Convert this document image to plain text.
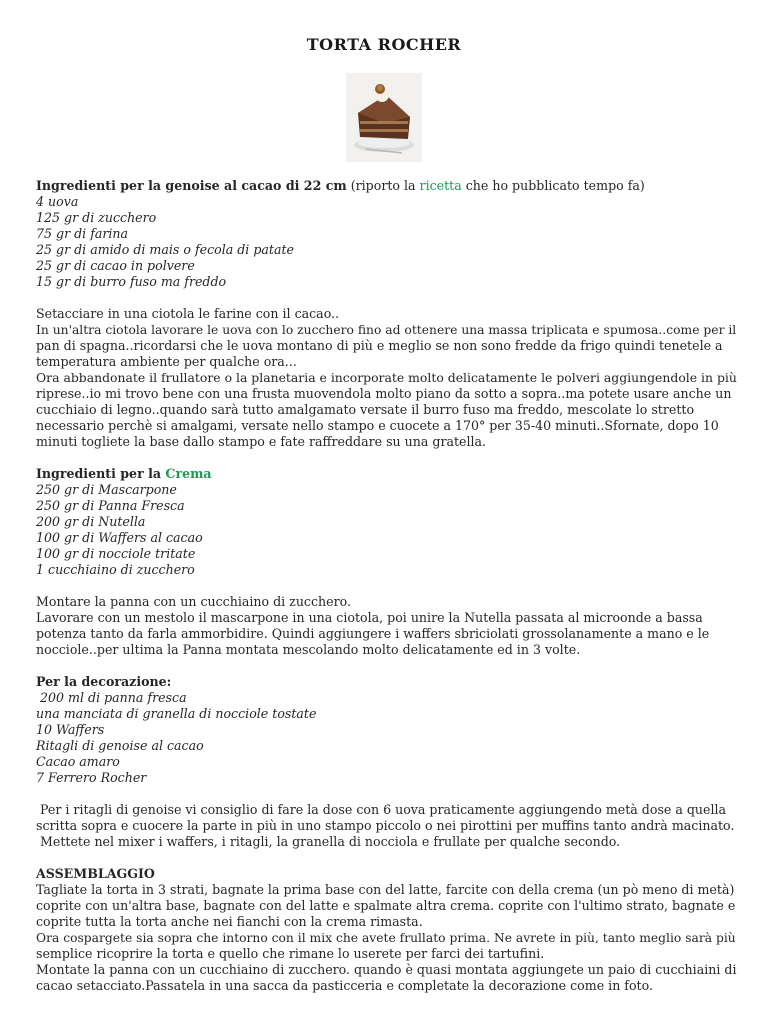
TORTA ROCHER
Ingredienti per la genoise al cacao di 22 cm (riporto la ricetta che ho pubblicato tempo fa)
4 uova
125 gr di zucchero
75 gr di farina
25 gr di amido di mais o fecola di patate
25 gr di cacao in polvere
15 gr di burro fuso ma freddo
Setacciare in una ciotola le farine con il cacao..
In un'altra ciotola lavorare le uova con lo zucchero fino ad ottenere una massa triplicata e spumosa..come per il
pan di spagna..ricordarsi che le uova montano di più e meglio se non sono fredde da frigo quindi tenetele a
temperatura ambiente per qualche ora...
Ora abbandonate il frullatore o la planetaria e incorporate molto delicatamente le polveri aggiungendole in più
riprese..io mi trovo bene con una frusta muovendola molto piano da sotto a sopra..ma potete usare anche un
cucchiaio di legno..quando sarà tutto amalgamato versate il burro fuso ma freddo, mescolate lo stretto
necessario perchè si amalgami, versate nello stampo e cuocete a 170° per 35-40 minuti..Sfornate, dopo 10
minuti togliete la base dallo stampo e fate raffreddare su una gratella.
Ingredienti per la Crema
250 gr di Mascarpone
250 gr di Panna Fresca
200 gr di Nutella
100 gr di Waffers al cacao
100 gr di nocciole tritate
1 cucchiaino di zucchero
Montare la panna con un cucchiaino di zucchero.
Lavorare con un mestolo il mascarpone in una ciotola, poi unire la Nutella passata al microonde a bassa
potenza tanto da farla ammorbidire. Quindi aggiungere i waffers sbriciolati grossolanamente a mano e le
nocciole..per ultima la Panna montata mescolando molto delicatamente ed in 3 volte.
Per la decorazione:
200 ml di panna fresca
una manciata di granella di nocciole tostate
10 Waffers
Ritagli di genoise al cacao
Cacao amaro
7 Ferrero Rocher
Per i ritagli di genoise vi consiglio di fare la dose con 6 uova praticamente aggiungendo metà dose a quella
scritta sopra e cuocere la parte in più in uno stampo piccolo o nei pirottini per muffins tanto andrà macinato.
Mettete nel mixer i waffers, i ritagli, la granella di nocciola e frullate per qualche secondo.
ASSEMBLAGGIO
Tagliate la torta in 3 strati, bagnate la prima base con del latte, farcite con della crema (un pò meno di metà)
coprite con un'altra base, bagnate con del latte e spalmate altra crema. coprite con l'ultimo strato, bagnate e
coprite tutta la torta anche nei fianchi con la crema rimasta.
Ora cospargete sia sopra che intorno con il mix che avete frullato prima. Ne avrete in più, tanto meglio sarà più
semplice ricoprire la torta e quello che rimane lo userete per farci dei tartufini.
Montate la panna con un cucchiaino di zucchero. quando è quasi montata aggiungete un paio di cucchiaini di
cacao setacciato.Passatela in una sacca da pasticceria e completate la decorazione come in foto.
